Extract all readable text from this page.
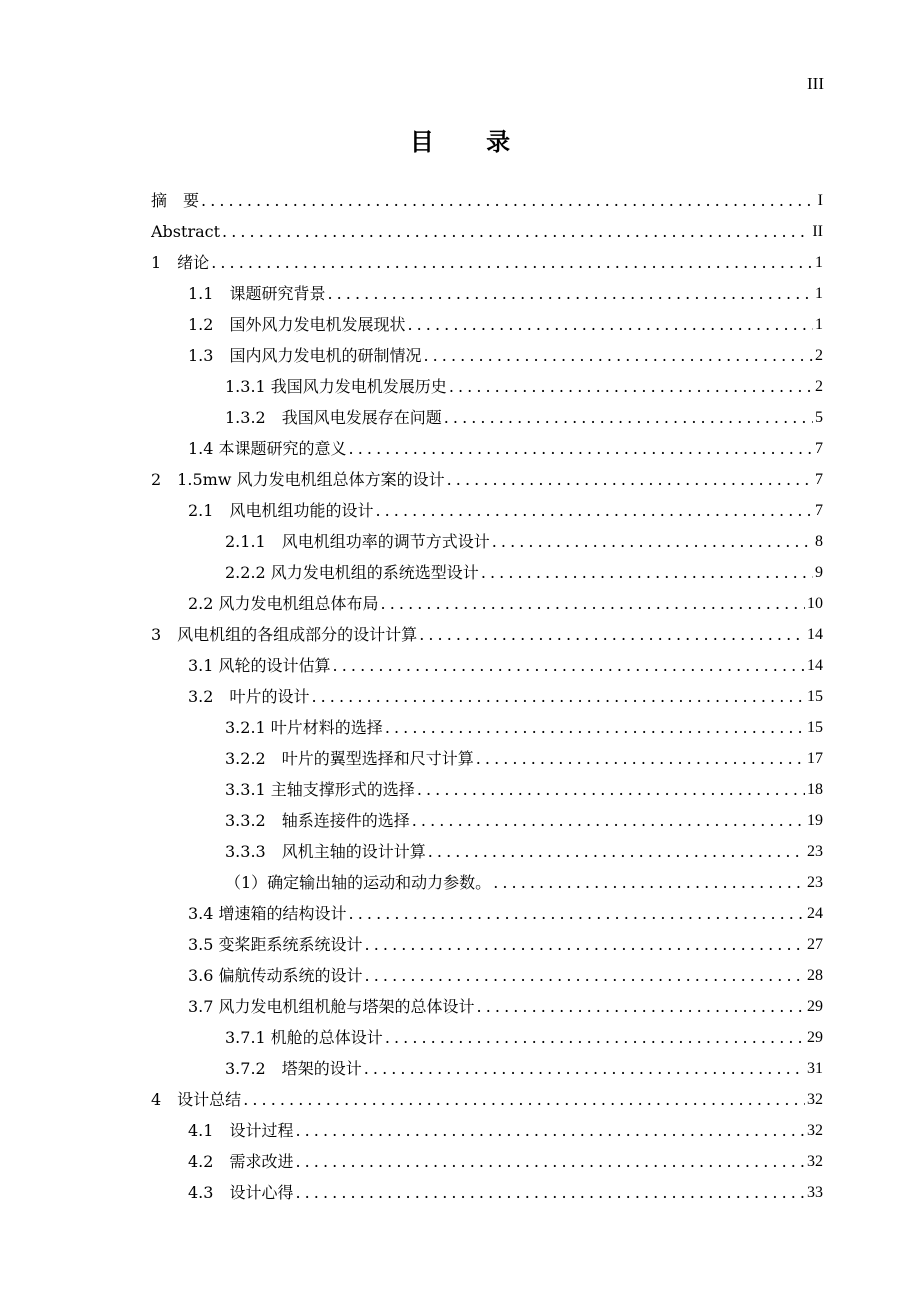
III
目 录
摘　要 . . .	I
Abstract . . .	II
1　绪论 . . .	1
1.1　课题研究背景 . . .	1
1.2　国外风力发电机发展现状 . . .	1
1.3　国内风力发电机的研制情况 . . .	2
1.3.1 我国风力发电机发展历史 . . .	2
1.3.2　我国风电发展存在问题 . . .	5
1.4 本课题研究的意义 . . .	7
2　1.5mw 风力发电机组总体方案的设计 . . .	7
2.1　风电机组功能的设计 . . .	7
2.1.1　风电机组功率的调节方式设计 . . .	8
2.2.2 风力发电机组的系统选型设计 . . .	9
2.2 风力发电机组总体布局 . . .	10
3　风电机组的各组成部分的设计计算 . . .	14
3.1 风轮的设计估算 . . .	14
3.2　叶片的设计 . . .	15
3.2.1 叶片材料的选择 . . .	15
3.2.2　叶片的翼型选择和尺寸计算 . . .	17
3.3.1 主轴支撑形式的选择 . . .	18
3.3.2　轴系连接件的选择 . . .	19
3.3.3　风机主轴的设计计算 . . .	23
（1）确定输出轴的运动和动力参数。 . . .	23
3.4 增速箱的结构设计 . . .	24
3.5 变桨距系统系统设计 . . .	27
3.6 偏航传动系统的设计 . . .	28
3.7 风力发电机组机舱与塔架的总体设计 . . .	29
3.7.1 机舱的总体设计 . . .	29
3.7.2　塔架的设计 . . .	31
4　设计总结 . . .	32
4.1　设计过程 . . .	32
4.2　需求改进 . . .	32
4.3　设计心得 . . .	33
